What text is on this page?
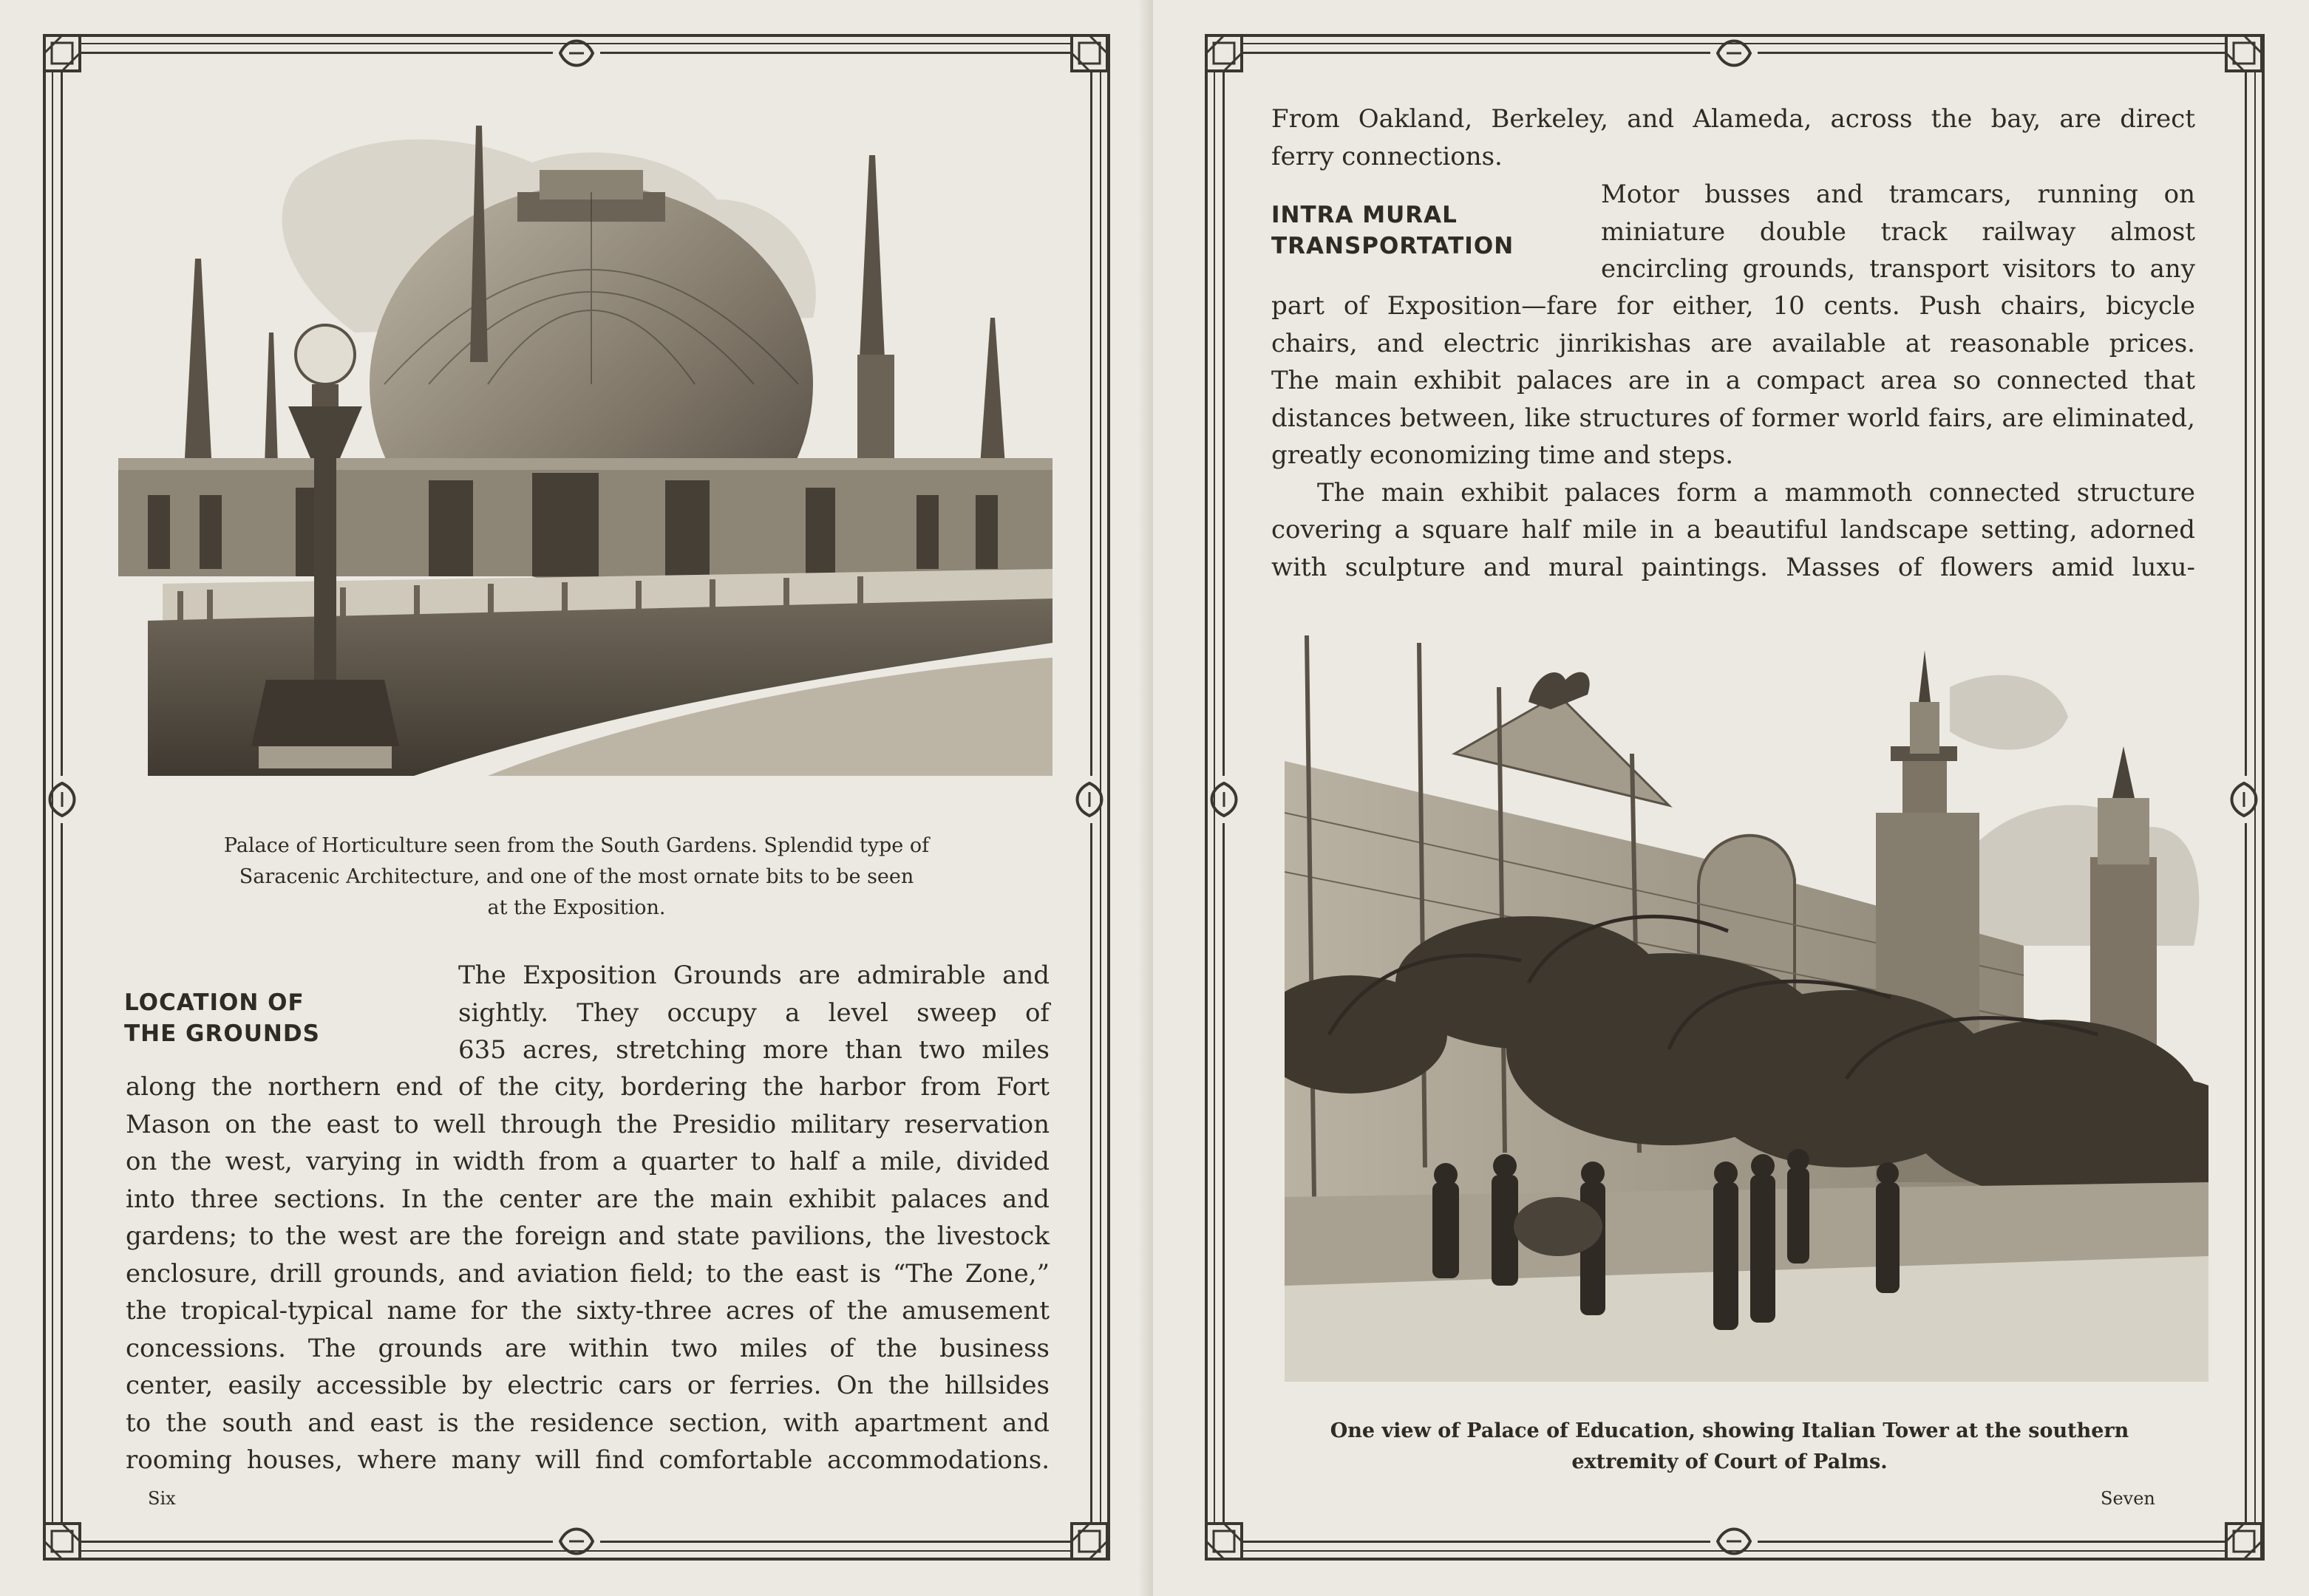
Palace of Horticulture seen from the South Gardens. Splendid type of
Saracenic Architecture, and one of the most ornate bits to be seen
at the Exposition.
LOCATION OF
THE GROUNDS
The Exposition Grounds are admirable and
sightly. They occupy a level sweep of
635 acres, stretching more than two miles
along the northern end of the city, bordering the harbor from Fort
Mason on the east to well through the Presidio military reservation
on the west, varying in width from a quarter to half a mile, divided
into three sections. In the center are the main exhibit palaces and
gardens; to the west are the foreign and state pavilions, the livestock
enclosure, drill grounds, and aviation field; to the east is “The Zone,”
the tropical-typical name for the sixty-three acres of the amusement
concessions. The grounds are within two miles of the business
center, easily accessible by electric cars or ferries. On the hillsides
to the south and east is the residence section, with apartment and
rooming houses, where many will find comfortable accommodations.
Six
From Oakland, Berkeley, and Alameda, across the bay, are direct
ferry connections.
INTRA MURAL
TRANSPORTATION
Motor busses and tramcars, running on
miniature double track railway almost
encircling grounds, transport visitors to any
part of Exposition—fare for either, 10 cents. Push chairs, bicycle
chairs, and electric jinrikishas are available at reasonable prices.
The main exhibit palaces are in a compact area so connected that
distances between, like structures of former world fairs, are eliminated,
greatly economizing time and steps.
The main exhibit palaces form a mammoth connected structure
covering a square half mile in a beautiful landscape setting, adorned
with sculpture and mural paintings. Masses of flowers amid luxu-
One view of Palace of Education, showing Italian Tower at the southern
extremity of Court of Palms.
Seven
